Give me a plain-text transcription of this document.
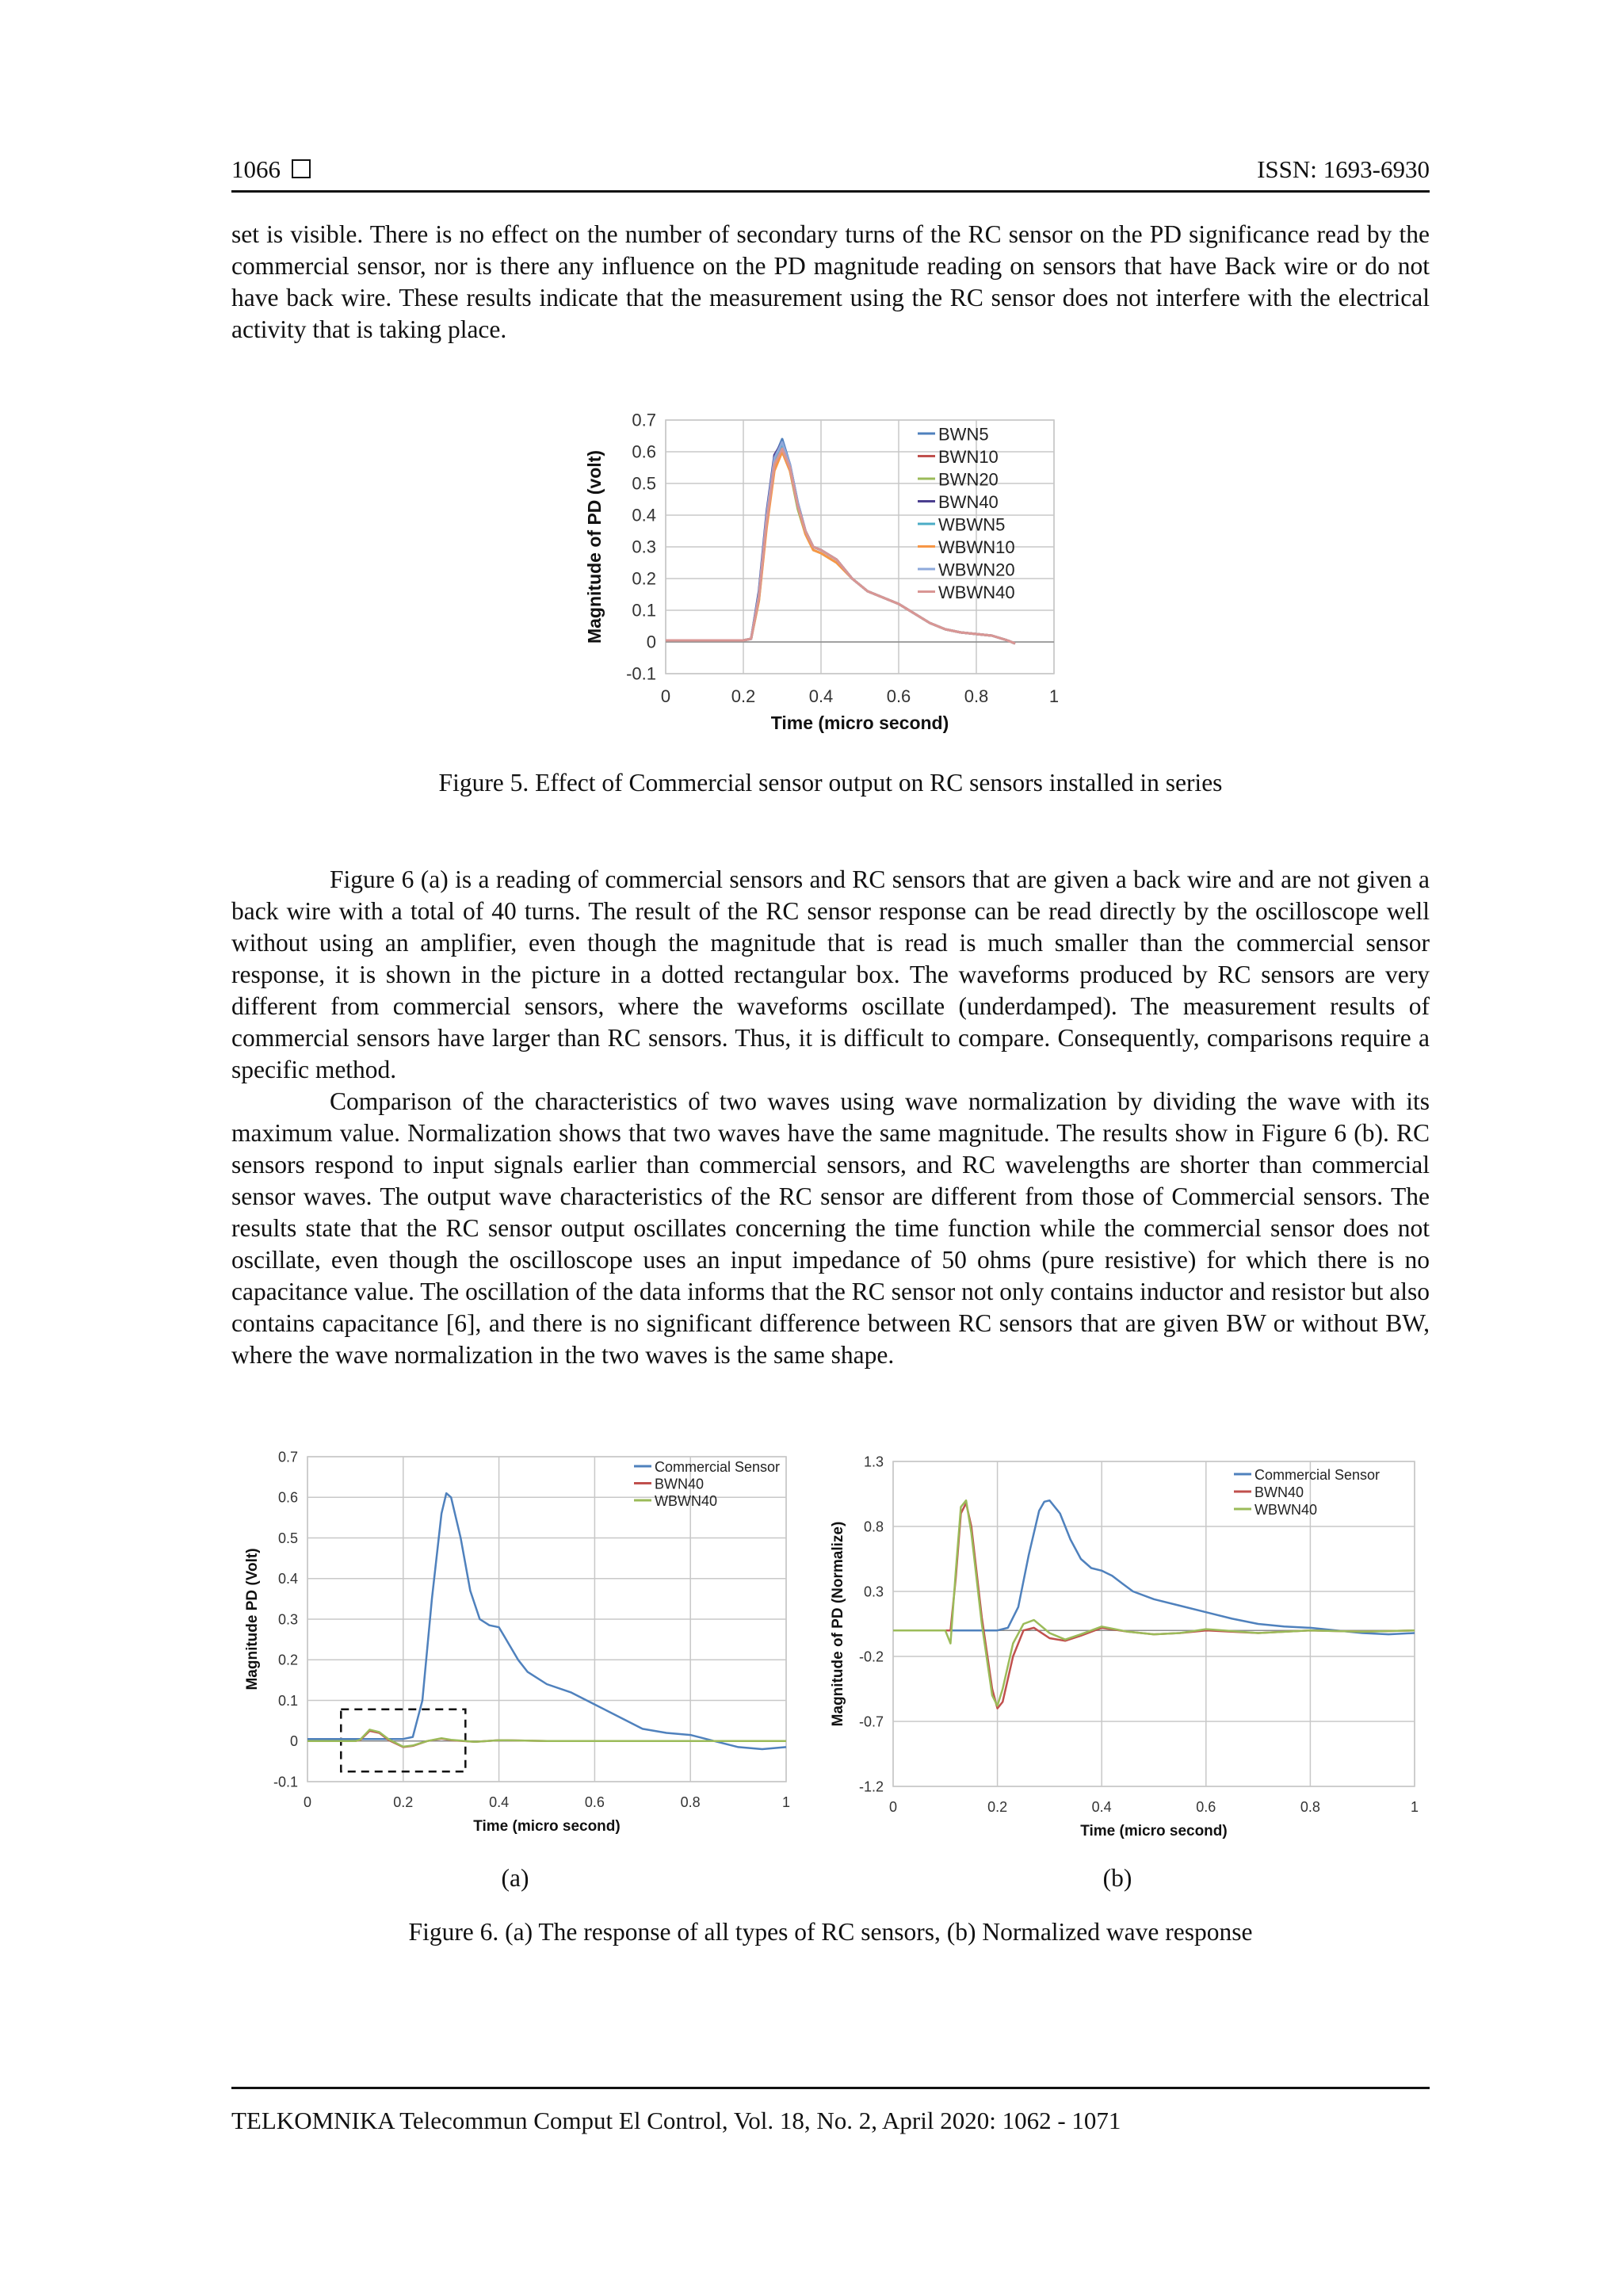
1066	ISSN: 1693-6930

set is visible. There is no effect on the number of secondary turns of the RC sensor on the PD significance read by the commercial sensor, nor is there any influence on the PD magnitude reading on sensors that have Back wire or do not have back wire. These results indicate that the measurement using the RC sensor does not interfere with the electrical activity that is taking place.

-0.1
0
0.1
0.2
0.3
0.4
0.5
0.6
0.7
0	0.2	0.4	0.6	0.8	1
Time (micro second)
Magnitude of PD (volt)
BWN5
BWN10
BWN20
BWN40
WBWN5
WBWN10
WBWN20
WBWN40
Figure 5. Effect of Commercial sensor output on RC sensors installed in series

Figure 6 (a) is a reading of commercial sensors and RC sensors that are given a back wire and are not given a back wire with a total of 40 turns. The result of the RC sensor response can be read directly by the oscilloscope well without using an amplifier, even though the magnitude that is read is much smaller than the commercial sensor response, it is shown in the picture in a dotted rectangular box. The waveforms produced by RC sensors are very different from commercial sensors, where the waveforms oscillate (underdamped). The measurement results of commercial sensors have larger than RC sensors. Thus, it is difficult to compare. Consequently, comparisons require a specific method.

Comparison of the characteristics of two waves using wave normalization by dividing the wave with its maximum value. Normalization shows that two waves have the same magnitude. The results show in Figure 6 (b). RC sensors respond to input signals earlier than commercial sensors, and RC wavelengths are shorter than commercial sensor waves. The output wave characteristics of the RC sensor are different from those of Commercial sensors. The results state that the RC sensor output oscillates concerning the time function while the commercial sensor does not oscillate, even though the oscilloscope uses an input impedance of 50 ohms (pure resistive) for which there is no capacitance value. The oscillation of the data informs that the RC sensor not only contains inductor and resistor but also contains capacitance [6], and there is no significant difference between RC sensors that are given BW or without BW, where the wave normalization in the two waves is the same shape.

-0.1
0
0.1
0.2
0.3
0.4
0.5
0.6
0.7
0	0.2	0.4	0.6	0.8	1
Time (micro second)
Magnitude PD (Volt)
Commercial Sensor
BWN40
WBWN40
-1.2
-0.7
-0.2
0.3
0.8
1.3
0	0.2	0.4	0.6	0.8	1
Time (micro second)
Magnitude of PD (Normalize)
Commercial Sensor
BWN40
WBWN40
(a)	(b)
Figure 6. (a) The response of all types of RC sensors, (b) Normalized wave response
TELKOMNIKA Telecommun Comput El Control, Vol. 18, No. 2, April 2020: 1062 - 1071
